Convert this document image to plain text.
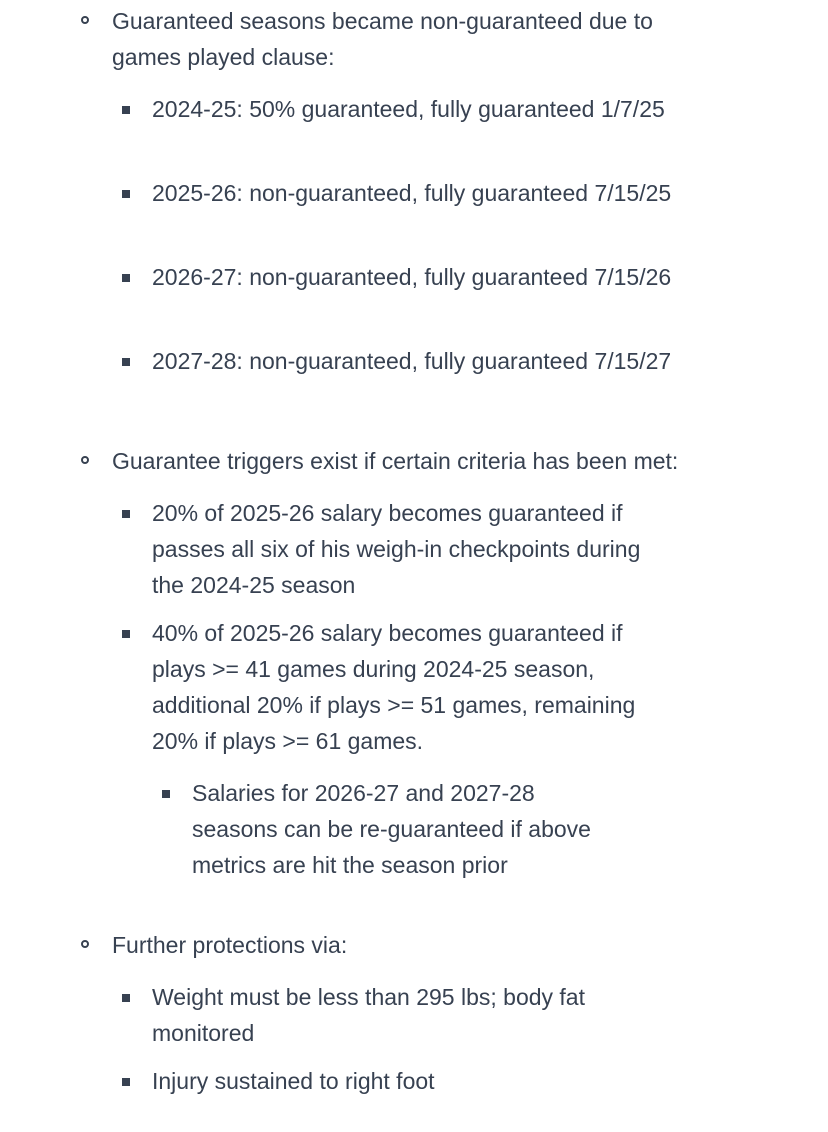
Guaranteed seasons became non-guaranteed due to games played clause:
2024-25: 50% guaranteed, fully guaranteed 1/7/25
2025-26: non-guaranteed, fully guaranteed 7/15/25
2026-27: non-guaranteed, fully guaranteed 7/15/26
2027-28: non-guaranteed, fully guaranteed 7/15/27
Guarantee triggers exist if certain criteria has been met:
20% of 2025-26 salary becomes guaranteed if passes all six of his weigh-in checkpoints during the 2024-25 season
40% of 2025-26 salary becomes guaranteed if plays >= 41 games during 2024-25 season, additional 20% if plays >= 51 games, remaining 20% if plays >= 61 games.
Salaries for 2026-27 and 2027-28 seasons can be re-guaranteed if above metrics are hit the season prior
Further protections via:
Weight must be less than 295 lbs; body fat monitored
Injury sustained to right foot
